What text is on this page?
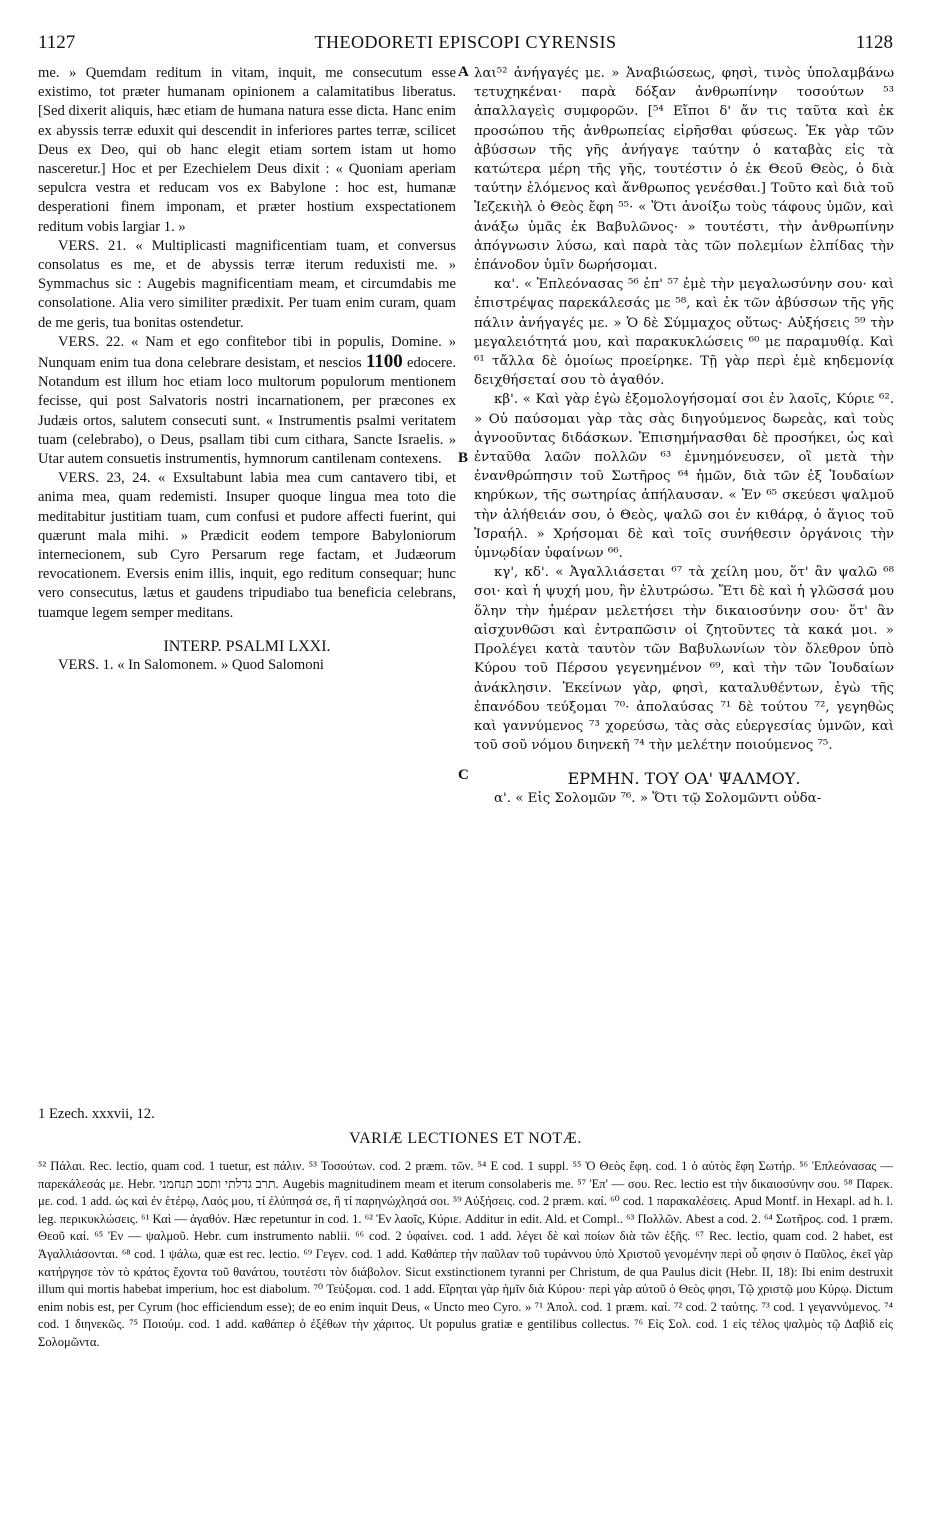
1127	THEODORETI EPISCOPI CYRENSIS	1128
A
B
C

me. » Quemdam reditum in vitam, inquit, me consecutum esse existimo, tot præter humanam opinionem a calamitatibus liberatus. [Sed dixerit aliquis, hæc etiam de humana natura esse dicta. Hanc enim ex abyssis terræ eduxit qui descendit in inferiores partes terræ, scilicet Deus ex Deo, qui ob hanc elegit etiam sortem istam ut homo nasceretur.] Hoc et per Ezechielem Deus dixit : « Quoniam aperiam sepulcra vestra et reducam vos ex Babylone : hoc est, humanæ desperationi finem imponam, et præter hostium exspectationem reditum vobis largiar 1. »

VERS. 21. « Multiplicasti magnificentiam tuam, et conversus consolatus es me, et de abyssis terræ iterum reduxisti me. » Symmachus sic : Augebis magnificentiam meam, et circumdabis me consolatione. Alia vero similiter prædixit. Per tuam enim curam, quam de me geris, tua bonitas ostendetur.

VERS. 22. « Nam et ego confitebor tibi in populis, Domine. » Nunquam enim tua dona celebrare desistam, et nescios 1100 edocere. Notandum est illum hoc etiam loco multorum populorum mentionem fecisse, qui post Salvatoris nostri incarnationem, per præcones ex Judæis ortos, salutem consecuti sunt. « Instrumentis psalmi veritatem tuam (celebrabo), o Deus, psallam tibi cum cithara, Sancte Israelis. » Utar autem consuetis instrumentis, hymnorum cantilenam contexens.

VERS. 23, 24. « Exsultabunt labia mea cum cantavero tibi, et anima mea, quam redemisti. Insuper quoque lingua mea toto die meditabitur justitiam tuam, cum confusi et pudore affecti fuerint, qui quærunt mala mihi. » Prædicit eodem tempore Babyloniorum internecionem, sub Cyro Persarum rege factam, et Judæorum revocationem. Eversis enim illis, inquit, ego reditum consequar; hunc vero consecutus, lætus et gaudens tripudiabo tua beneficia celebrans, tuamque legem semper meditans.

INTERP. PSALMI LXXI.

VERS. 1. « In Salomonem. » Quod Salomoni

λαι⁵² ἀνήγαγές με. » Ἀναβιώσεως, φησὶ, τινὸς ὑπολαμβάνω τετυχηκέναι· παρὰ δόξαν ἀνθρωπίνην τοσούτων ⁵³ ἀπαλλαγεὶς συμφορῶν. [⁵⁴ Εἴποι δ' ἄν τις ταῦτα καὶ ἐκ προσώπου τῆς ἀνθρωπείας εἰρῆσθαι φύσεως. Ἐκ γὰρ τῶν ἀβύσσων τῆς γῆς ἀνήγαγε ταύτην ὁ καταβὰς εἰς τὰ κατώτερα μέρη τῆς γῆς, τουτέστιν ὁ ἐκ Θεοῦ Θεὸς, ὁ διὰ ταύτην ἑλόμενος καὶ ἄνθρωπος γενέσθαι.] Τοῦτο καὶ διὰ τοῦ Ἰεζεκιὴλ ὁ Θεὸς ἔφη ⁵⁵· « Ὅτι ἀνοίξω τοὺς τάφους ὑμῶν, καὶ ἀνάξω ὑμᾶς ἐκ Βαβυλῶνος· » τουτέστι, τὴν ἀνθρωπίνην ἀπόγνωσιν λύσω, καὶ παρὰ τὰς τῶν πολεμίων ἐλπίδας τὴν ἐπάνοδον ὑμῖν δωρήσομαι.

κα'. « Ἐπλεόνασας ⁵⁶ ἐπ' ⁵⁷ ἐμὲ τὴν μεγαλωσύνην σου· καὶ ἐπιστρέψας παρεκάλεσάς με ⁵⁸, καὶ ἐκ τῶν ἀβύσσων τῆς γῆς πάλιν ἀνήγαγές με. » Ὁ δὲ Σύμμαχος οὕτως· Αὐξήσεις ⁵⁹ τὴν μεγαλειότητά μου, καὶ παρακυκλώσεις ⁶⁰ με παραμυθίᾳ. Καὶ ⁶¹ τἄλλα δὲ ὁμοίως προείρηκε. Τῇ γὰρ περὶ ἐμὲ κηδεμονίᾳ δειχθήσεταί σου τὸ ἀγαθόν.

κβ'. « Καὶ γὰρ ἐγὼ ἐξομολογήσομαί σοι ἐν λαοῖς, Κύριε ⁶². » Οὐ παύσομαι γὰρ τὰς σὰς διηγούμενος δωρεὰς, καὶ τοὺς ἀγνοοῦντας διδάσκων. Ἐπισημήνασθαι δὲ προσήκει, ὡς καὶ ἐνταῦθα λαῶν πολλῶν ⁶³ ἐμνημόνευσεν, οἳ μετὰ τὴν ἐνανθρώπησιν τοῦ Σωτῆρος ⁶⁴ ἡμῶν, διὰ τῶν ἐξ Ἰουδαίων κηρύκων, τῆς σωτηρίας ἀπήλαυσαν. « Ἐν ⁶⁵ σκεύεσι ψαλμοῦ τὴν ἀλήθειάν σου, ὁ Θεὸς, ψαλῶ σοι ἐν κιθάρᾳ, ὁ ἅγιος τοῦ Ἰσραήλ. » Χρήσομαι δὲ καὶ τοῖς συνήθεσιν ὀργάνοις τὴν ὑμνῳδίαν ὑφαίνων ⁶⁶.

κγ', κδ'. « Ἀγαλλιάσεται ⁶⁷ τὰ χείλη μου, ὅτ' ἂν ψαλῶ ⁶⁸ σοι· καὶ ἡ ψυχή μου, ἣν ἐλυτρώσω. Ἔτι δὲ καὶ ἡ γλῶσσά μου ὅλην τὴν ἡμέραν μελετήσει τὴν δικαιοσύνην σου· ὅτ' ἂν αἰσχυνθῶσι καὶ ἐντραπῶσιν οἱ ζητοῦντες τὰ κακά μοι. » Προλέγει κατὰ ταυτὸν τῶν Βαβυλωνίων τὸν ὄλεθρον ὑπὸ Κύρου τοῦ Πέρσου γεγενημένον ⁶⁹, καὶ τὴν τῶν Ἰουδαίων ἀνάκλησιν. Ἐκείνων γὰρ, φησὶ, καταλυθέντων, ἐγὼ τῆς ἐπανόδου τεύξομαι ⁷⁰· ἀπολαύσας ⁷¹ δὲ τούτου ⁷², γεγηθὼς καὶ γαννύμενος ⁷³ χορεύσω, τὰς σὰς εὐεργεσίας ὑμνῶν, καὶ τοῦ σοῦ νόμου διηνεκῆ ⁷⁴ τὴν μελέτην ποιούμενος ⁷⁵.

ΕΡΜΗΝ. ΤΟΥ ΟΑ' ΨΑΛΜΟΥ.

α'. « Εἰς Σολομῶν ⁷⁶. » Ὅτι τῷ Σολομῶντι οὐδα-

1 Ezech. xxxvii, 12.
VARIÆ LECTIONES ET NOTÆ.

⁵² Πάλαι. Rec. lectio, quam cod. 1 tuetur, est πάλιν. ⁵³ Τοσούτων. cod. 2 præm. τῶν. ⁵⁴ E cod. 1 suppl. ⁵⁵ Ὁ Θεὸς ἔφη. cod. 1 ὁ αὐτὸς ἔφη Σωτήρ. ⁵⁶ Ἐπλεόνασας — παρεκάλεσάς με. Hebr. תרב גדלתי ותסב תנחמני. Augebis magnitudinem meam et iterum consolaberis me. ⁵⁷ Ἐπ' — σου. Rec. lectio est τὴν δικαιοσύνην σου. ⁵⁸ Παρεκ. με. cod. 1 add. ὡς καὶ ἐν ἑτέρῳ, Λαός μου, τί ἐλύπησά σε, ἢ τί παρηνώχλησά σοι. ⁵⁹ Αὐξήσεις. cod. 2 præm. καί. ⁶⁰ cod. 1 παρακαλέσεις. Apud Montf. in Hexapl. ad h. l. leg. περικυκλώσεις. ⁶¹ Καὶ — ἀγαθόν. Hæc repetuntur in cod. 1. ⁶² Ἐν λαοῖς, Κύριε. Additur in edit. Ald. et Compl.. ⁶³ Πολλῶν. Abest a cod. 2. ⁶⁴ Σωτῆρος. cod. 1 præm. Θεοῦ καί. ⁶⁵ Ἐν — ψαλμοῦ. Hebr. cum instrumento nablii. ⁶⁶ cod. 2 ὑφαίνει. cod. 1 add. λέγει δὲ καὶ ποίων διὰ τῶν ἑξῆς. ⁶⁷ Rec. lectio, quam cod. 2 habet, est Ἀγαλλιάσονται. ⁶⁸ cod. 1 ψάλω, quæ est rec. lectio. ⁶⁹ Γεγεν. cod. 1 add. Καθάπερ τὴν παῦλαν τοῦ τυράννου ὑπὸ Χριστοῦ γενομένην περὶ οὗ φησιν ὁ Παῦλος, ἐκεῖ γὰρ κατήργησε τὸν τὸ κράτος ἔχοντα τοῦ θανάτου, τουτέστι τὸν διάβολον. Sicut exstinctionem tyranni per Christum, de qua Paulus dicit (Hebr. II, 18): Ibi enim destruxit illum qui mortis habebat imperium, hoc est diabolum. ⁷⁰ Τεύξομαι. cod. 1 add. Εἴρηται γὰρ ἡμῖν διὰ Κύρου· περὶ γὰρ αὐτοῦ ὁ Θεὸς φησι, Τῷ χριστῷ μου Κύρῳ. Dictum enim nobis est, per Cyrum (hoc efficiendum esse); de eo enim inquit Deus, « Uncto meo Cyro. » ⁷¹ Ἀπολ. cod. 1 præm. καί. ⁷² cod. 2 ταύτης. ⁷³ cod. 1 γεγαννύμενος. ⁷⁴ cod. 1 διηνεκῶς. ⁷⁵ Ποιούμ. cod. 1 add. καθάπερ ὁ ἐξέθων τὴν χάριτος. Ut populus gratiæ e gentilibus collectus. ⁷⁶ Εἰς Σολ. cod. 1 εἰς τέλος ψαλμὸς τῷ Δαβὶδ εἰς Σολομῶντα.
